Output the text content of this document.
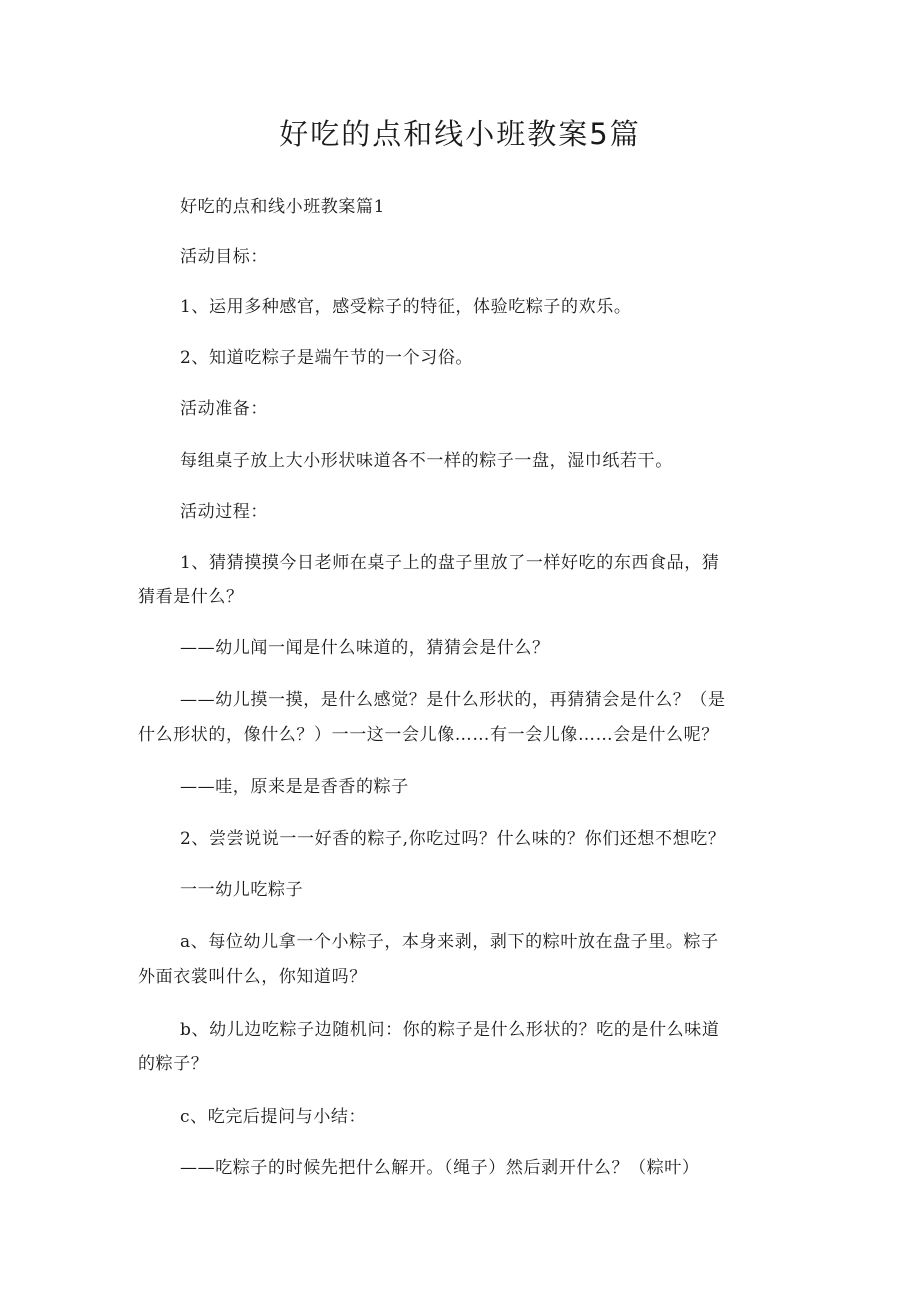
好吃的点和线小班教案5篇

好吃的点和线小班教案篇1

活动目标：

1、运用多种感官，感受粽子的特征，体验吃粽子的欢乐。

2、知道吃粽子是端午节的一个习俗。

活动准备：

每组桌子放上大小形状味道各不一样的粽子一盘，湿巾纸若干。

活动过程：

1、猜猜摸摸今日老师在桌子上的盘子里放了一样好吃的东西食品，猜

猜看是什么？

——幼儿闻一闻是什么味道的，猜猜会是什么？

——幼儿摸一摸，是什么感觉？是什么形状的，再猜猜会是什么？（是

什么形状的，像什么？）一一这一会儿像……有一会儿像……会是什么呢？

——哇，原来是是香香的粽子

2、尝尝说说一一好香的粽子,你吃过吗？什么味的？你们还想不想吃？

一一幼儿吃粽子

a、每位幼儿拿一个小粽子，本身来剥，剥下的粽叶放在盘子里。粽子

外面衣裳叫什么，你知道吗？

b、幼儿边吃粽子边随机问：你的粽子是什么形状的？吃的是什么味道

的粽子？

c、吃完后提问与小结：

——吃粽子的时候先把什么解开。（绳子）然后剥开什么？（粽叶）
